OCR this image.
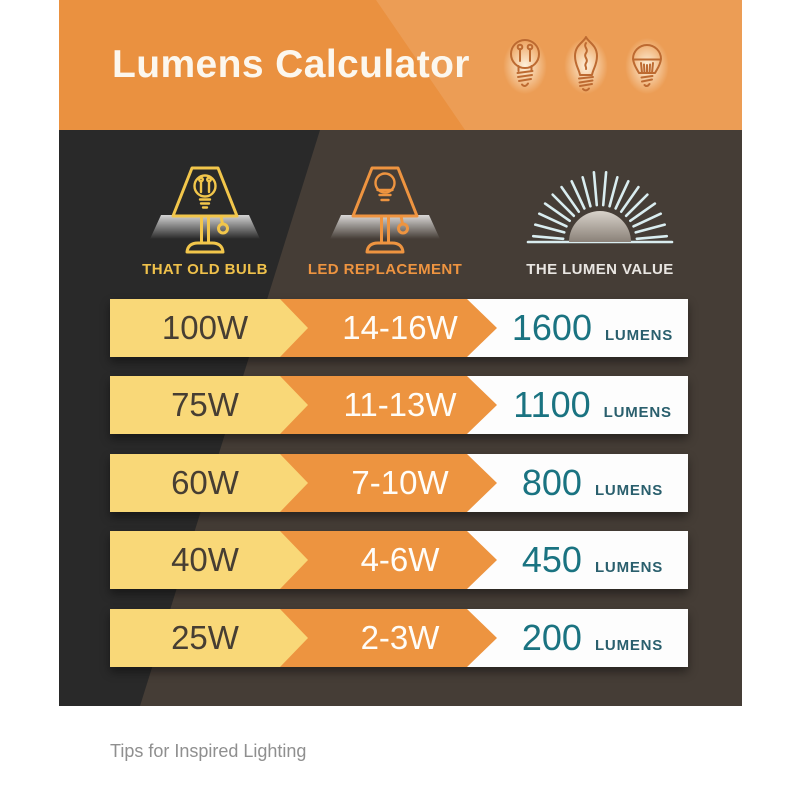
Lumens Calculator

THAT OLD BULB	LED REPLACEMENT	THE LUMEN VALUE

100W	14-16W	1600 LUMENS
75W	11-13W	1100 LUMENS
60W	7-10W	800 LUMENS
40W	4-6W	450 LUMENS
25W	2-3W	200 LUMENS

Tips for Inspired Lighting
